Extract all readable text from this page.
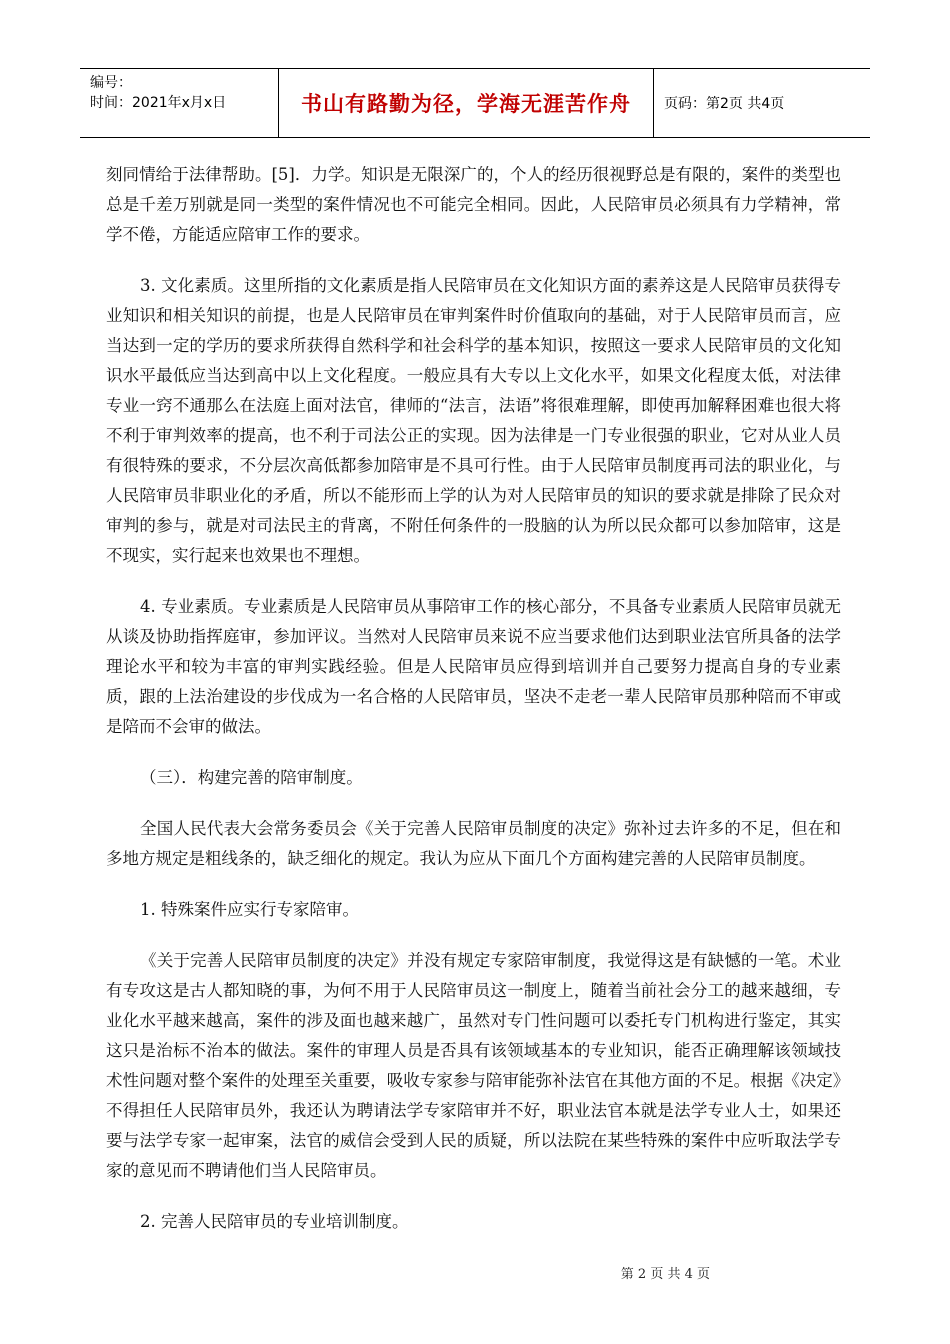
编号：
时间：2021年x月x日	书山有路勤为径，学海无涯苦作舟	页码：第2页 共4页

刻同情给于法律帮助。[5]．力学。知识是无限深广的，个人的经历很视野总是有限的，案件的类型也总是千差万别就是同一类型的案件情况也不可能完全相同。因此，人民陪审员必须具有力学精神，常学不倦，方能适应陪审工作的要求。

3. 文化素质。这里所指的文化素质是指人民陪审员在文化知识方面的素养这是人民陪审员获得专业知识和相关知识的前提，也是人民陪审员在审判案件时价值取向的基础，对于人民陪审员而言，应当达到一定的学历的要求所获得自然科学和社会科学的基本知识，按照这一要求人民陪审员的文化知识水平最低应当达到高中以上文化程度。一般应具有大专以上文化水平，如果文化程度太低，对法律专业一窍不通那么在法庭上面对法官，律师的“法言，法语”将很难理解，即使再加解释困难也很大将不利于审判效率的提高，也不利于司法公正的实现。因为法律是一门专业很强的职业，它对从业人员有很特殊的要求，不分层次高低都参加陪审是不具可行性。由于人民陪审员制度再司法的职业化，与人民陪审员非职业化的矛盾，所以不能形而上学的认为对人民陪审员的知识的要求就是排除了民众对审判的参与，就是对司法民主的背离，不附任何条件的一股脑的认为所以民众都可以参加陪审，这是不现实，实行起来也效果也不理想。

4. 专业素质。专业素质是人民陪审员从事陪审工作的核心部分，不具备专业素质人民陪审员就无从谈及协助指挥庭审，参加评议。当然对人民陪审员来说不应当要求他们达到职业法官所具备的法学理论水平和较为丰富的审判实践经验。但是人民陪审员应得到培训并自己要努力提高自身的专业素质，跟的上法治建设的步伐成为一名合格的人民陪审员，坚决不走老一辈人民陪审员那种陪而不审或是陪而不会审的做法。

（三）．构建完善的陪审制度。

全国人民代表大会常务委员会《关于完善人民陪审员制度的决定》弥补过去许多的不足，但在和多地方规定是粗线条的，缺乏细化的规定。我认为应从下面几个方面构建完善的人民陪审员制度。

1. 特殊案件应实行专家陪审。

《关于完善人民陪审员制度的决定》并没有规定专家陪审制度，我觉得这是有缺憾的一笔。术业有专攻这是古人都知晓的事，为何不用于人民陪审员这一制度上，随着当前社会分工的越来越细，专业化水平越来越高，案件的涉及面也越来越广，虽然对专门性问题可以委托专门机构进行鉴定，其实这只是治标不治本的做法。案件的审理人员是否具有该领域基本的专业知识，能否正确理解该领域技术性问题对整个案件的处理至关重要，吸收专家参与陪审能弥补法官在其他方面的不足。根据《决定》不得担任人民陪审员外，我还认为聘请法学专家陪审并不好，职业法官本就是法学专业人士，如果还要与法学专家一起审案，法官的威信会受到人民的质疑，所以法院在某些特殊的案件中应听取法学专家的意见而不聘请他们当人民陪审员。

2. 完善人民陪审员的专业培训制度。

第 2 页 共 4 页
